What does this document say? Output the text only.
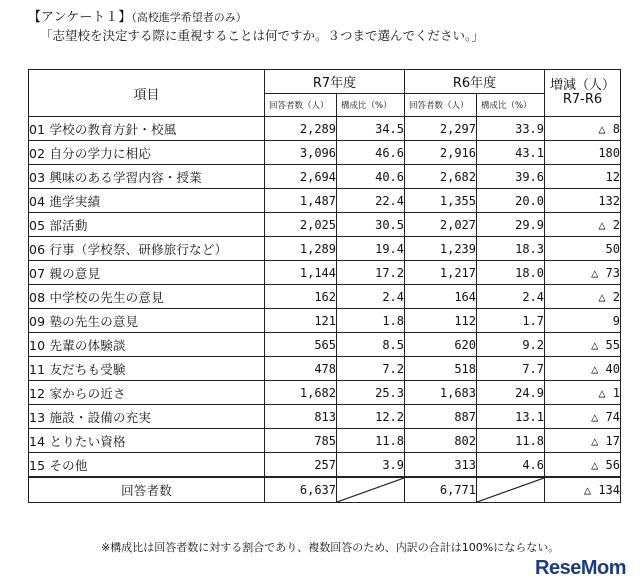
【アンケート１】（高校進学希望者のみ）
「志望校を決定する際に重視することは何ですか。３つまで選んでください。」
項目	R7年度		R6年度		増減（人）
R7-R6

	回答者数（人）	構成比（%）	回答者数（人）	構成比（%）	
01 学校の教育方針・校風	2,289	34.5	2,297	33.9	△ 8
02 自分の学力に相応	3,096	46.6	2,916	43.1	180
03 興味のある学習内容・授業	2,694	40.6	2,682	39.6	12
04 進学実績	1,487	22.4	1,355	20.0	132
05 部活動	2,025	30.5	2,027	29.9	△ 2
06 行事（学校祭、研修旅行など）	1,289	19.4	1,239	18.3	50
07 親の意見	1,144	17.2	1,217	18.0	△ 73
08 中学校の先生の意見	162	2.4	164	2.4	△ 2
09 塾の先生の意見	121	1.8	112	1.7	9
10 先輩の体験談	565	8.5	620	9.2	△ 55
11 友だちも受験	478	7.2	518	7.7	△ 40
12 家からの近さ	1,682	25.3	1,683	24.9	△ 1
13 施設・設備の充実	813	12.2	887	13.1	△ 74
14 とりたい資格	785	11.8	802	11.8	△ 17
15 その他	257	3.9	313	4.6	△ 56
回答者数	6,637		6,771		△ 134
※構成比は回答者数に対する割合であり、複数回答のため、内訳の合計は100%にならない。
ReseMom
